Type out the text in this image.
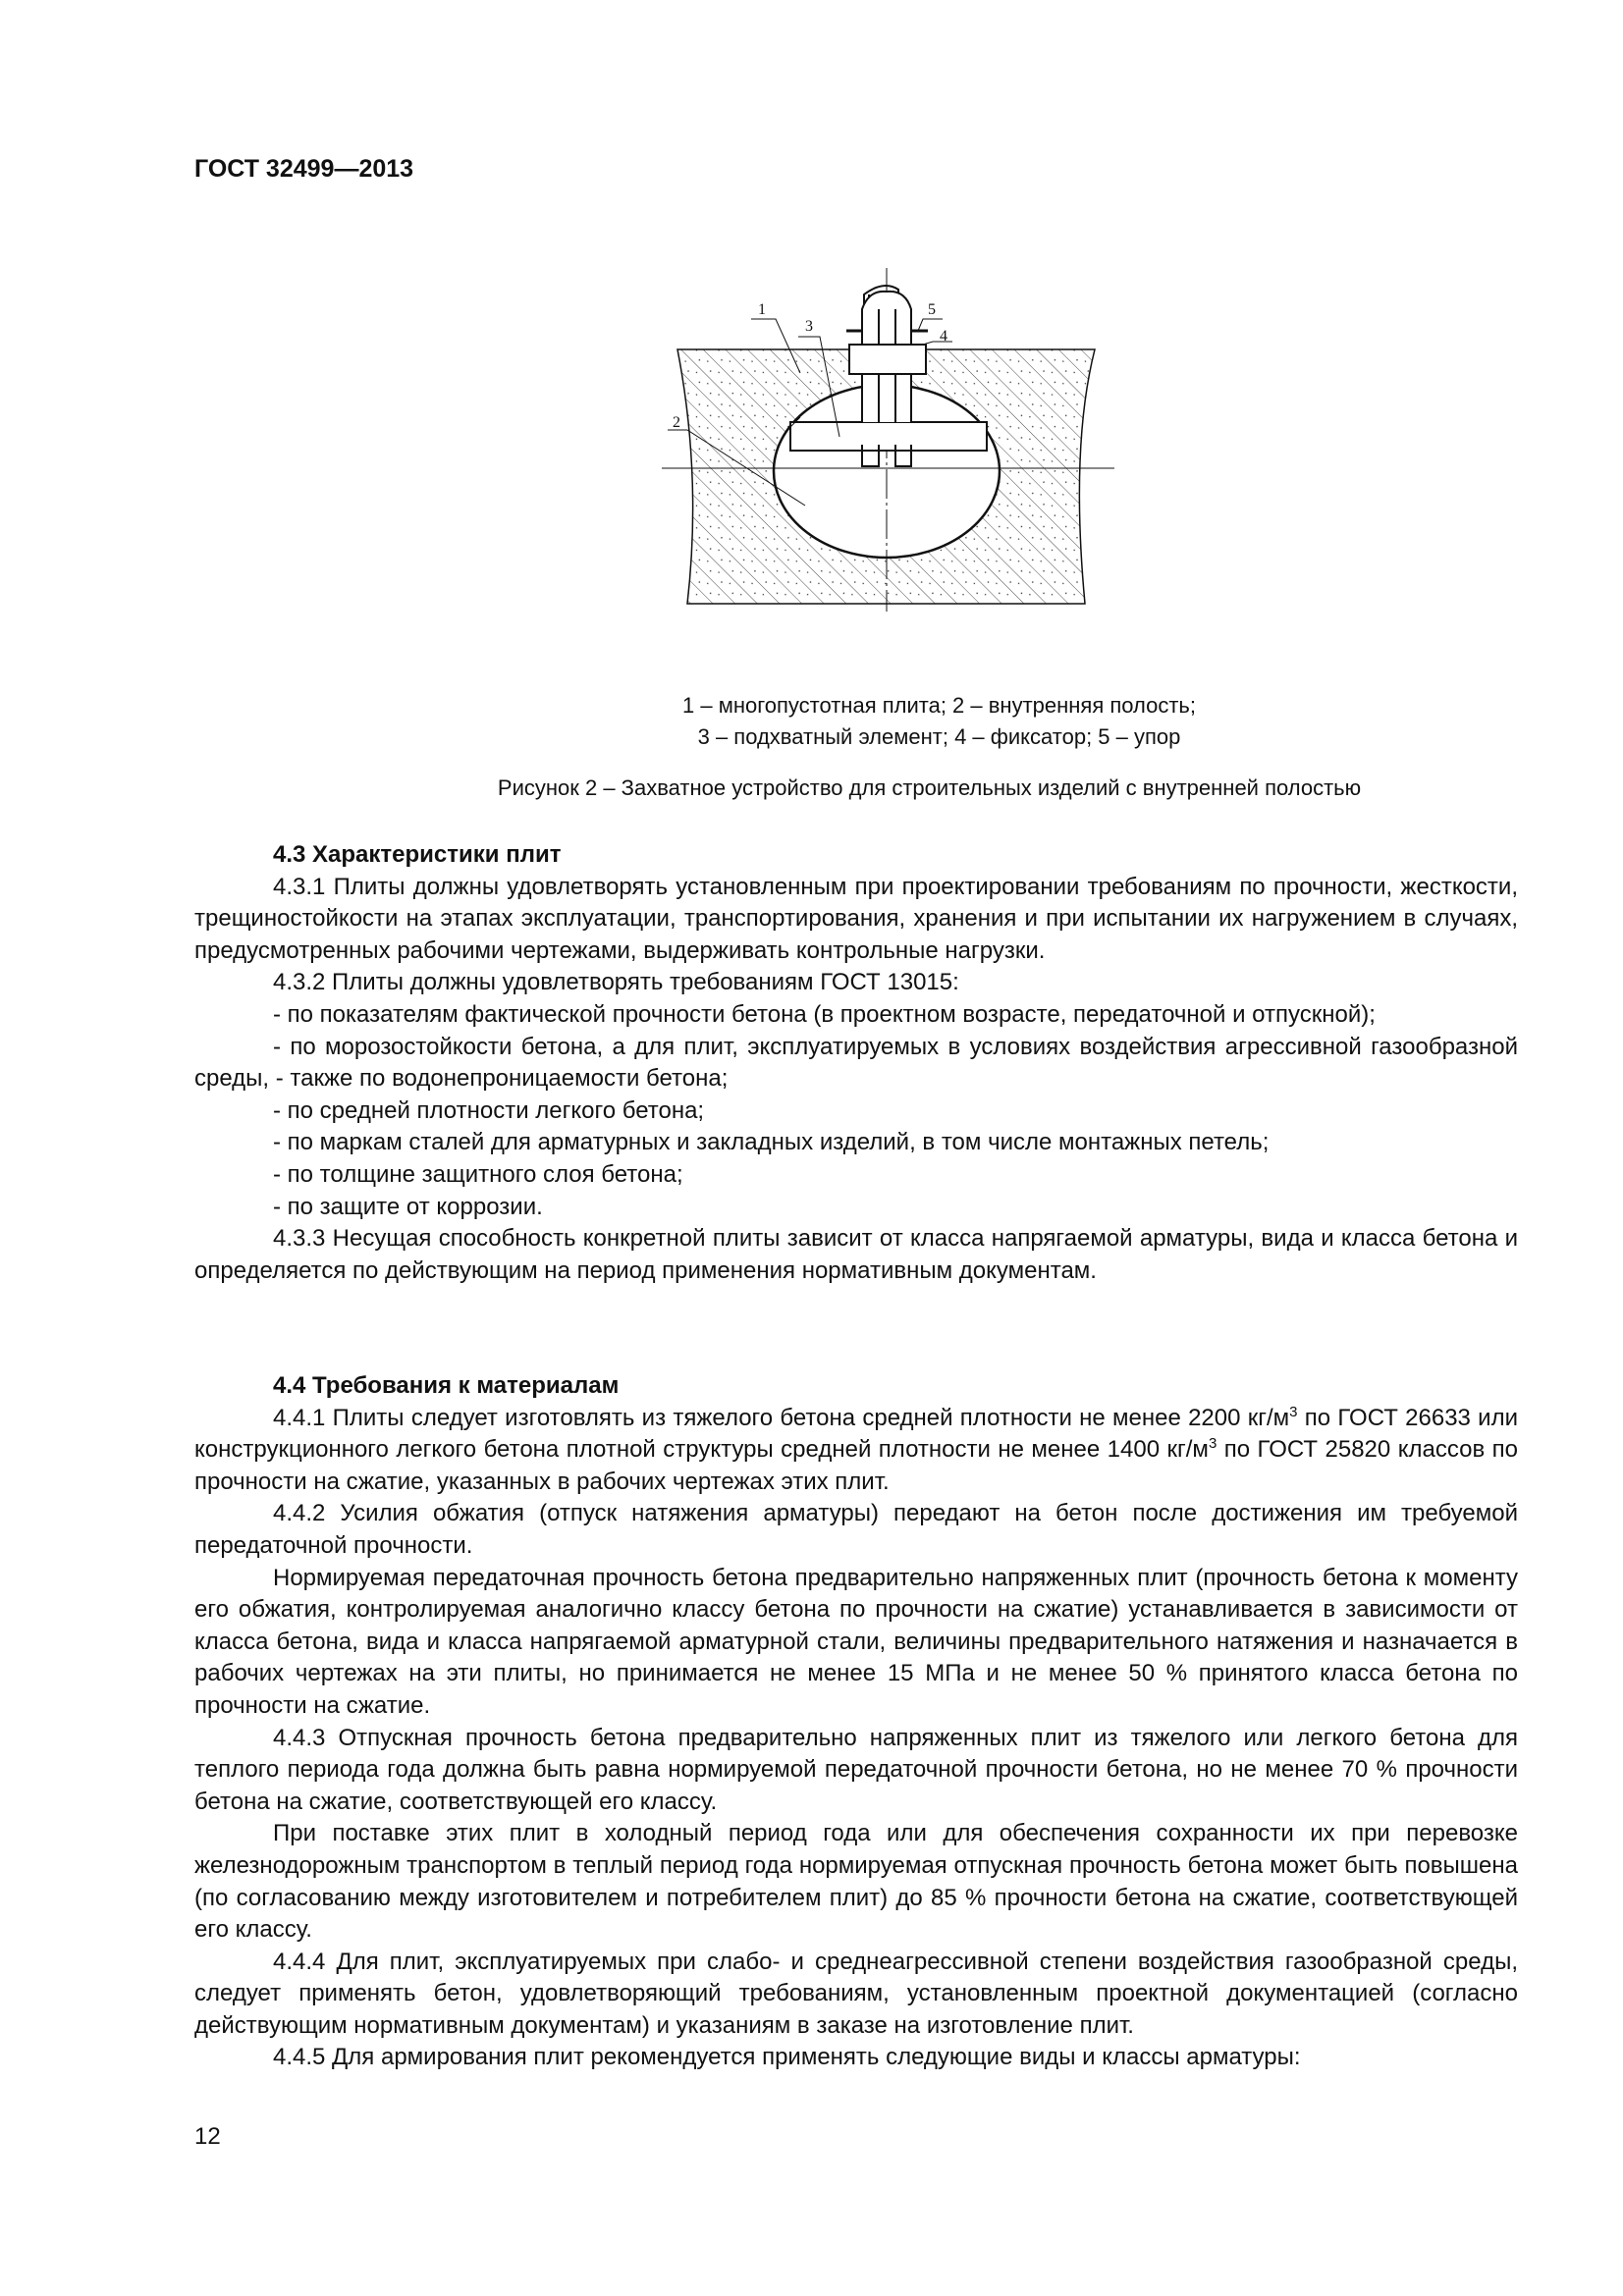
ГОСТ 32499—2013
1
2
3
4
5
1 – многопустотная плита; 2 – внутренняя полость;
3 – подхватный элемент; 4 – фиксатор; 5 – упор
Рисунок 2 – Захватное устройство для строительных изделий с внутренней полостью
4.3 Характеристики плит

4.3.1 Плиты должны удовлетворять установленным при проектировании требованиям по прочности, жесткости, трещиностойкости на этапах эксплуатации, транспортирования, хранения и при испытании их нагружением в случаях, предусмотренных рабочими чертежами, выдерживать контрольные нагрузки.

4.3.2 Плиты должны удовлетворять требованиям ГОСТ 13015:

- по показателям фактической прочности бетона (в проектном возрасте, передаточной и отпускной);

- по морозостойкости бетона, а для плит, эксплуатируемых в условиях воздействия агрессивной газообразной среды, - также по водонепроницаемости бетона;

- по средней плотности легкого бетона;

- по маркам сталей для арматурных и закладных изделий, в том числе монтажных петель;

- по толщине защитного слоя бетона;

- по защите от коррозии.

4.3.3 Несущая способность конкретной плиты зависит от класса напрягаемой арматуры, вида и класса бетона и определяется по действующим на период применения нормативным документам.

4.4 Требования к материалам

4.4.1 Плиты следует изготовлять из тяжелого бетона средней плотности не менее 2200 $кг/м^3$ по ГОСТ 26633 или конструкционного легкого бетона плотной структуры средней плотности не менее 1400 $кг/м^3$ по ГОСТ 25820 классов по прочности на сжатие, указанных в рабочих чертежах этих плит.

4.4.2 Усилия обжатия (отпуск натяжения арматуры) передают на бетон после достижения им требуемой передаточной прочности.

Нормируемая передаточная прочность бетона предварительно напряженных плит (прочность бетона к моменту его обжатия, контролируемая аналогично классу бетона по прочности на сжатие) устанавливается в зависимости от класса бетона, вида и класса напрягаемой арматурной стали, величины предварительного натяжения и назначается в рабочих чертежах на эти плиты, но принимается не менее 15 МПа и не менее 50 % принятого класса бетона по прочности на сжатие.

4.4.3 Отпускная прочность бетона предварительно напряженных плит из тяжелого или легкого бетона для теплого периода года должна быть равна нормируемой передаточной прочности бетона, но не менее 70 % прочности бетона на сжатие, соответствующей его классу.

При поставке этих плит в холодный период года или для обеспечения сохранности их при перевозке железнодорожным транспортом в теплый период года нормируемая отпускная прочность бетона может быть повышена (по согласованию между изготовителем и потребителем плит) до 85 % прочности бетона на сжатие, соответствующей его классу.

4.4.4 Для плит, эксплуатируемых при слабо- и среднеагрессивной степени воздействия газообразной среды, следует применять бетон, удовлетворяющий требованиям, установленным проектной документацией (согласно действующим нормативным документам) и указаниям в заказе на изготовление плит.

4.4.5 Для армирования плит рекомендуется применять следующие виды и классы арматуры:

12
